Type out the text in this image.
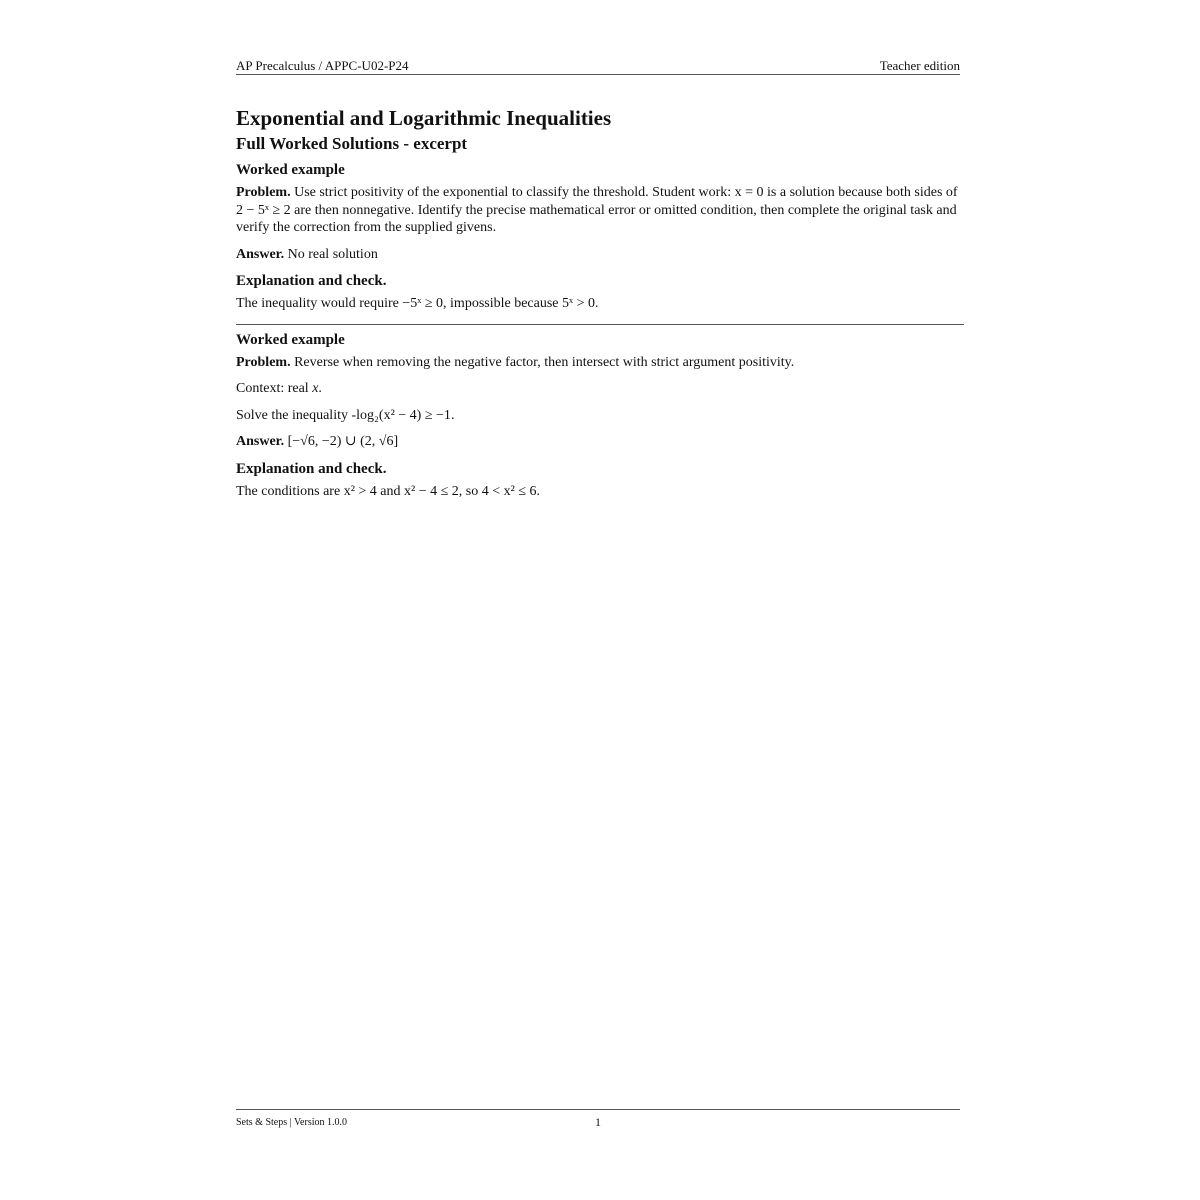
AP Precalculus / APPC-U02-P24	Teacher edition
Exponential and Logarithmic Inequalities
Full Worked Solutions - excerpt
Worked example

Problem. Use strict positivity of the exponential to classify the threshold. Student work: x = 0 is a solution because both sides of 2 − 5ˣ ≥ 2 are then nonnegative. Identify the precise mathematical error or omitted condition, then complete the original task and verify the correction from the supplied givens.

Answer. No real solution

Explanation and check.

The inequality would require −5ˣ ≥ 0, impossible because 5ˣ > 0.

Worked example

Problem. Reverse when removing the negative factor, then intersect with strict argument positivity.

Context: real x.

Solve the inequality -log₂(x² − 4) ≥ −1.

Answer. [−√6, −2) ∪ (2, √6]

Explanation and check.

The conditions are x² > 4 and x² − 4 ≤ 2, so 4 < x² ≤ 6.

Sets & Steps | Version 1.0.0	1
